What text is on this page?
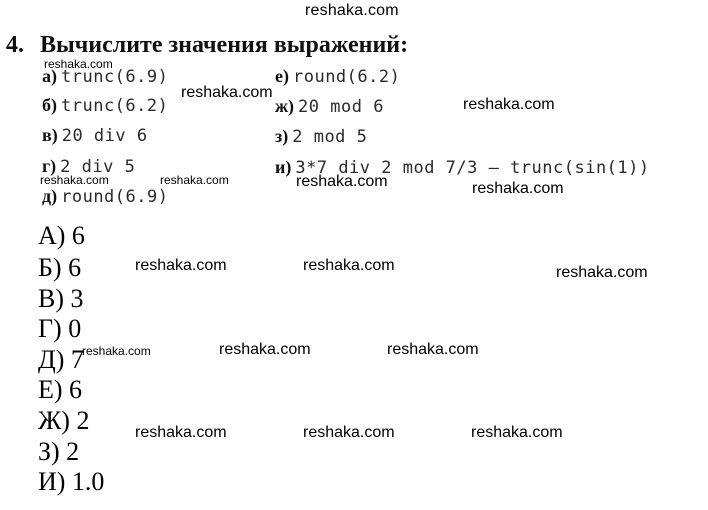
reshaka.com
4. Вычислите значения выражений:
а) trunc(6.9)
б) trunc(6.2)
в) 20 div 6
г) 2 div 5
д) round(6.9)
е) round(6.2)
ж) 20 mod 6
з) 2 mod 5
и) 3*7 div 2 mod 7/3 — trunc(sin(1))
А) 6
Б) 6
В) 3
Г) 0
Д) 7
Е) 6
Ж) 2
З) 2
И) 1.0
reshaka.com
reshaka.com
reshaka.com
reshaka.com	reshaka.com	reshaka.com	reshaka.com
reshaka.com	reshaka.com	reshaka.com
reshaka.com	reshaka.com	reshaka.com
reshaka.com	reshaka.com	reshaka.com
